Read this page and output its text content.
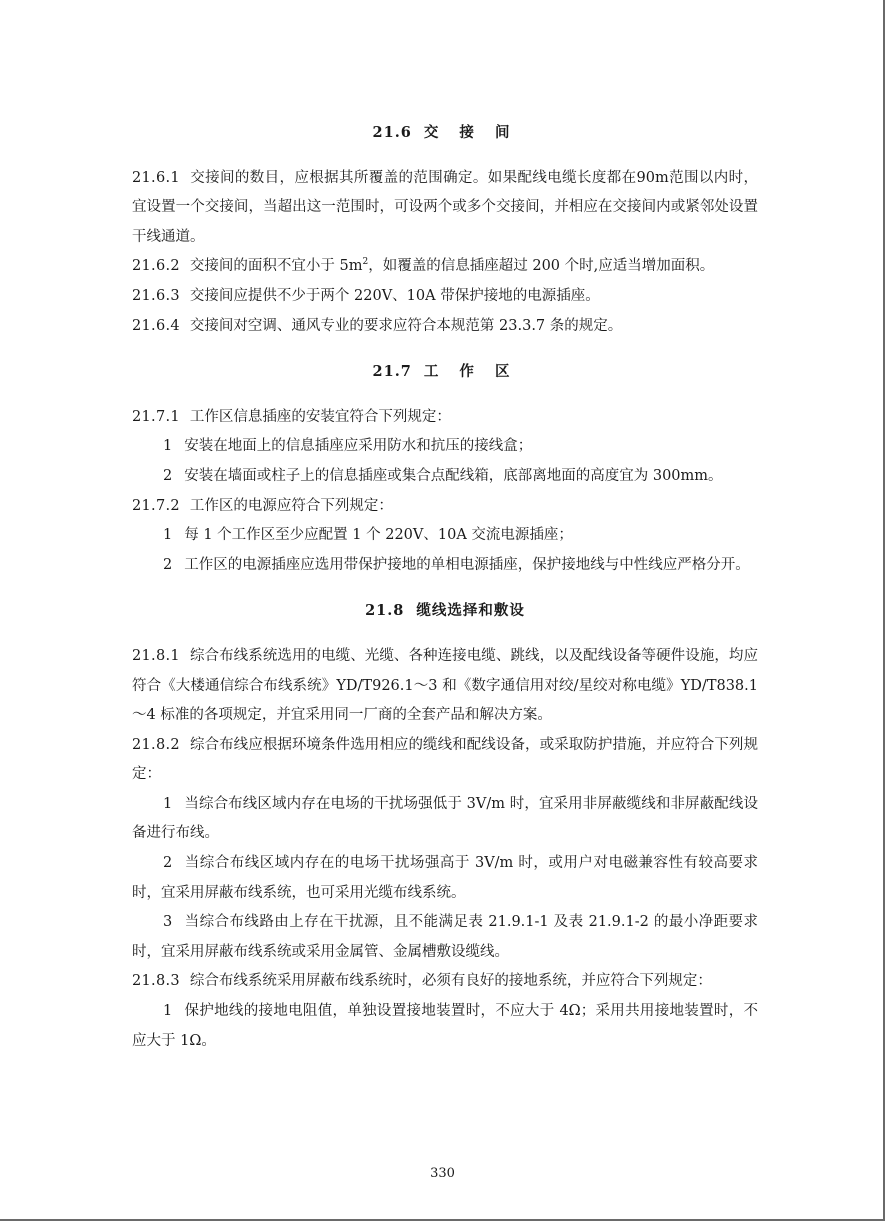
21.6 交 接 间

21.6.1 交接间的数目，应根据其所覆盖的范围确定。如果配线电缆长度都在90m范围以内时，宜设置一个交接间，当超出这一范围时，可设两个或多个交接间，并相应在交接间内或紧邻处设置干线通道。

21.6.2 交接间的面积不宜小于 $5m^2$，如覆盖的信息插座超过 200 个时,应适当增加面积。

21.6.3 交接间应提供不少于两个 220V、10A 带保护接地的电源插座。

21.6.4 交接间对空调、通风专业的要求应符合本规范第 23.3.7 条的规定。

21.7 工 作 区

21.7.1 工作区信息插座的安装宜符合下列规定：

1 安装在地面上的信息插座应采用防水和抗压的接线盒；

2 安装在墙面或柱子上的信息插座或集合点配线箱，底部离地面的高度宜为 300mm。

21.7.2 工作区的电源应符合下列规定：

1 每 1 个工作区至少应配置 1 个 220V、10A 交流电源插座；

2 工作区的电源插座应选用带保护接地的单相电源插座，保护接地线与中性线应严格分开。

21.8 缆线选择和敷设

21.8.1 综合布线系统选用的电缆、光缆、各种连接电缆、跳线，以及配线设备等硬件设施，均应符合《大楼通信综合布线系统》YD/T926.1～3 和《数字通信用对绞/星绞对称电缆》YD/T838.1～4 标准的各项规定，并宜采用同一厂商的全套产品和解决方案。

21.8.2 综合布线应根据环境条件选用相应的缆线和配线设备，或采取防护措施，并应符合下列规定：

1 当综合布线区域内存在电场的干扰场强低于 3V/m 时，宜采用非屏蔽缆线和非屏蔽配线设备进行布线。

2 当综合布线区域内存在的电场干扰场强高于 3V/m 时，或用户对电磁兼容性有较高要求时，宜采用屏蔽布线系统，也可采用光缆布线系统。

3 当综合布线路由上存在干扰源，且不能满足表 21.9.1-1 及表 21.9.1-2 的最小净距要求时，宜采用屏蔽布线系统或采用金属管、金属槽敷设缆线。

21.8.3 综合布线系统采用屏蔽布线系统时，必须有良好的接地系统，并应符合下列规定：

1 保护地线的接地电阻值，单独设置接地装置时，不应大于 4Ω；采用共用接地装置时，不应大于 1Ω。

330
